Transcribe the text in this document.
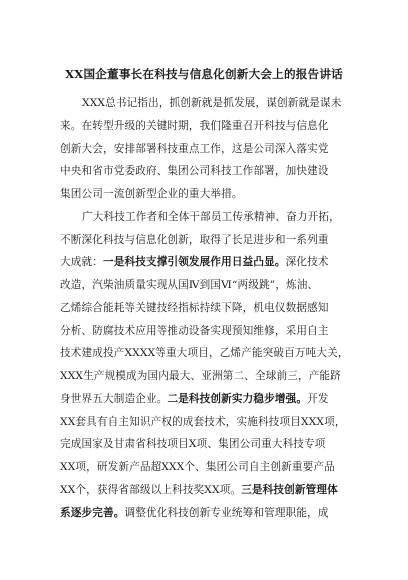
XX国企董事长在科技与信息化创新大会上的报告讲话
XXX总书记指出，抓创新就是抓发展，谋创新就是谋未
来。在转型升级的关键时期，我们隆重召开科技与信息化
创新大会，安排部署科技重点工作，这是公司深入落实党
中央和省市党委政府、集团公司科技工作部署，加快建设
集团公司一流创新型企业的重大举措。
广大科技工作者和全体干部员工传承精神、奋力开拓，
不断深化科技与信息化创新，取得了长足进步和一系列重
大成就：一是科技支撑引领发展作用日益凸显。深化技术
改造，汽柴油质量实现从国Ⅳ到国Ⅵ“两级跳”，炼油、
乙烯综合能耗等关键技经指标持续下降，机电仪数据感知
分析、防腐技术应用等推动设备实现预知维修，采用自主
技术建成投产XXXX等重大项目，乙烯产能突破百万吨大关，
XXX生产规模成为国内最大、亚洲第二、全球前三，产能跻
身世界五大制造企业。二是科技创新实力稳步增强。开发
XX套具有自主知识产权的成套技术，实施科技项目XXX项，
完成国家及甘肃省科技项目X项、集团公司重大科技专项
XX项，研发新产品超XXX个、集团公司自主创新重要产品
XX个，获得省部级以上科技奖XX项。三是科技创新管理体
系逐步完善。调整优化科技创新专业统筹和管理职能，成
